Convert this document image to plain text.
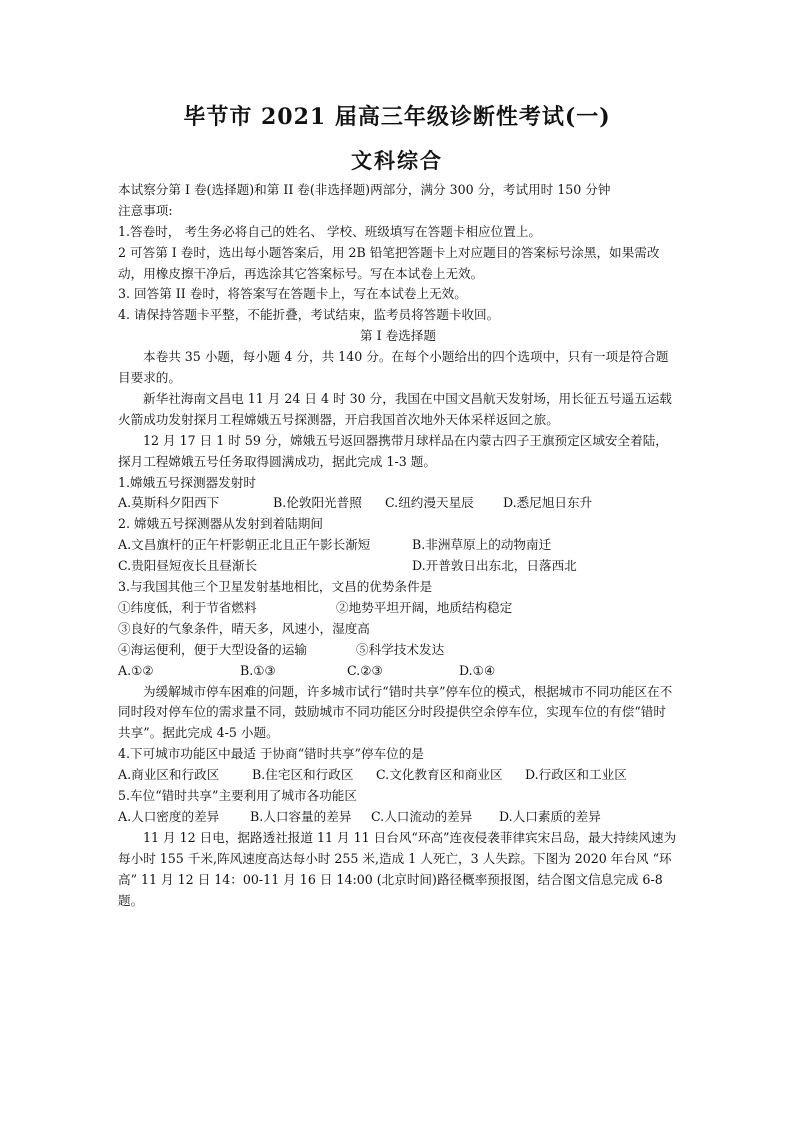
毕节市 2021 届高三年级诊断性考试(一)
文科综合

本试察分第 I 卷(选择题)和第 II 卷(非选择题)两部分，满分 300 分，考试用时 150 分钟

注意事项:

1.答卷时， 考生务必将自己的姓名、 学校、班级填写在答题卡相应位置上。

2 可答第 I 卷时，选出每小题答案后，用 2B 铅笔把答题卡上对应题目的答案标号涂黑，如果需改动，用橡皮擦干净后，再选涂其它答案标号。写在本试卷上无效。

3. 回答第 II 卷时，将答案写在答题卡上，写在本试卷上无效。

4. 请保持答题卡平整，不能折叠，考试结束，监考员将答题卡收回。

第 I 卷选择题

本卷共 35 小题，每小题 4 分，共 140 分。在每个小题给出的四个选项中，只有一项是符合题目要求的。

新华社海南文昌电 11 月 24 日 4 时 30 分，我国在中国文昌航天发射场，用长征五号遥五运载火箭成功发射探月工程嫦娥五号探测器，开启我国首次地外天体采样返回之旅。

12 月 17 日 1 时 59 分，嫦娥五号返回器携带月球样品在内蒙古四子王旗预定区域安全着陆，探月工程嫦娥五号任务取得圆满成功，据此完成 1-3 题。

1.嫦娥五号探测器发射时

A.莫斯科夕阳西下	B.伦敦阳光普照	C.纽约漫天星辰	D.悉尼旭日东升

2. 嫦娥五号探测器从发射到着陆期间

A.文昌旗杆的正午杆影朝正北且正午影长渐短	B.非洲草原上的动物南迁
C.贵阳昼短夜长且昼渐长	D.开普敦日出东北，日落西北

3.与我国其他三个卫星发射基地相比，文昌的优势条件是

①纬度低，利于节省燃料	②地势平坦开阔，地质结构稳定

③良好的气象条件，晴天多，风速小，湿度高

④海运便利，便于大型设备的运输	⑤科学技术发达
A.①②	B.①③	C.②③	D.①④

为缓解城市停车困难的问题，许多城市试行“错时共享”停车位的模式，根据城市不同功能区在不同时段对停车位的需求量不同，鼓励城市不同功能区分时段提供空余停车位，实现车位的有偿“错时共享”。据此完成 4-5 小题。

4.下可城市功能区中最适 于协商“错时共享”停车位的是

A.商业区和行政区	B.住宅区和行政区	C.文化教育区和商业区	D.行政区和工业区

5.车位“错时共享”主要利用了城市各功能区

A.人口密度的差异	B.人口容量的差异	C.人口流动的差异	D.人口素质的差异

11 月 12 日电，据路透社报道 11 月 11 日台风“环高”连夜侵袭菲律宾宋吕岛，最大持续风速为每小时 155 千米,阵风速度高达每小时 255 米,造成 1 人死亡，3 人失踪。下图为 2020 年台风 “环高” 11 月 12 日 14：00-11 月 16 日 14:00 (北京时间)路径概率预报图，结合图文信息完成 6-8 题。
